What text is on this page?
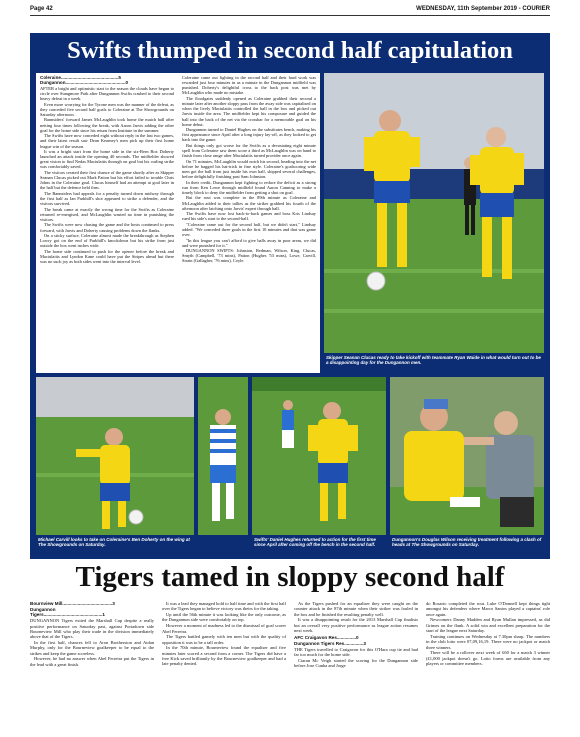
Page 42	WEDNESDAY, 11th September 2019 - COURIER
Swifts thumped in second half capitulation

Coleraine.............................................5

Dungannon...............................................0

AFTER a bright and optimistic start to the season the clouds have begun to circle over Stangmore Park after Dungannon Swifts crashed to their second heavy defeat in a week.

Even more worrying for the Tyrone men was the manner of the defeat, as they conceded five second half goals to Coleraine at The Showgrounds on Saturday afternoon.

Bannsiders' forward James McLaughlin took home the match ball after netting four times following the break, with Aaron Jarvis adding the other goal for the home side since his return from Institute in the summer.

The Swifts have now conceded eight without reply in the last two games, and their latest result saw Dean Kearney's men pick up their first home league win of the season.

It was a bright start from the home side in the six-Bern Box Doherty launched an attack inside the opening 40 seconds. The midfielder showed great vision to find Nedas Maciulaitis through on goal but his curling strike was comfortably saved.

The visitors created their first chance of the game shortly after as Skipper Seanan Clucas picked out Mark Patton but his effort failed to trouble Chris Johns in the Coleraine goal. Clucas himself had an attempt at goal later in the half but the defence held firm.

The Bannsiders had appeals for a penalty turned down midway through the first half as Ian Parkhill's shot appeared to strike a defender, and the visitors survived.

The break came at exactly the wrong time for the Swifts as Coleraine returned re-energised, and McLaughlin wasted no time in punishing the visitors.

The Swifts were now chasing the game and the hosts continued to press forward, with Jarvis and Doherty causing problems down the flanks.

On a sticky surface, Coleraine almost made the breakthrough as Stephen Lowry got on the end of Parkhill's knockdown but his strike from just outside the box went inches wide.

The home side continued to push for the opener before the break and Maciulaitis and Lyndon Kane could have put the Stripes ahead but there was no such joy as both sides went into the interval level.

Coleraine came out fighting in the second half and their hard work was rewarded just four minutes in as a minute in the Dungannon midfield was punished. Doherty's delightful cross to the back post was met by McLaughlin who made no mistake.

The floodgates suddenly opened as Coleraine grabbed their second a minute later after another sloppy pass from the away side was capitalised on when the lively Maciulaitis controlled the ball in the box and picked out Jarvis inside the area. The midfielder kept his composure and guided the ball into the back of the net via the crossbar for a memorable goal on his home debut.

Dungannon turned to Daniel Hughes on the substitutes bench, making his first appearance since April after a long injury lay-off, as they looked to get back into the game.

But things only got worse for the Swifts as a devastating eight minute spell from Coleraine saw them score a third as McLaughlin was on hand to finish from close range after Maciulaitis turned provider once again.

On 71 minutes, McLaughlin would notch his second, heading into the net before he bagged his hat-trick in fine style. Coleraine's goalscoring wide men got the ball from just inside his own half, skipped several challenges, before delightfully finishing past Sam Johnston.

In their credit, Dungannon kept fighting to reduce the deficit as a strong run from Ken Lowe through midfield found Aaron Canning to make a timely block to deny the midfielder from getting a shot on goal.

But the rout was complete in the 89th minute as Coleraine and McLaughlin added to their tallies as the striker grabbed his fourth of the afternoon after latching onto Jarvis' expert through ball.

The Swifts have now lost back-to-back games and boss Kris Lindsay rued his side's start to the second-half.

"Coleraine came out for the second half, but we didn't start," Lindsay added. "We conceded three goals in the first 10 minutes and that was game over.

"In this league you can't afford to give balls away in poor areas, we did and were punished for it."

DUNGANNON SWIFTS: Johnston, Redman, Wilson, King, Clucas, Smyth (Campbell, '73 mins), Patton (Hughes '53 mins), Lowe, Carvill, Strain (Gallagher, '76 mins), Coyle.

Skipper Seanan Clucas ready to take kickoff with teammate Ryan Waide in what would turn out to be a disappointing day for the Dungannon men.
Michael Carvill looks to take on Coleraine's Ben Doherty on the wing at The Showgrounds on Saturday.
Swifts' Daniel Hughes returned to action for the first time since April after coming off the bench in the second half.
Dungannon's Douglas Wilson receiving treatment following a clash of heads at The Showgrounds on Saturday.
Tigers tamed in sloppy second half

Bournview Mill.......................................3

Dungannon

Tigers..............................................1

DUNGANNON Tigers exited the Marshall Cup despite a really positive performance on Saturday past, against Portadown side Bourneview Mill who play their trade in the division immediately above that of the Tigers.

In the first half, chances fell to Aron Brotherston and Aidan Murphy, only for the Bourneview goalkeeper to be equal to the strikes and keep the game scoreless.

However, he had no answer when Abel Ferreira put the Tigers in the lead with a great finish.

It was a lead they managed hold to half time and with the first half over the Tigers began to believe victory was theirs for the taking.

Up until the 56th minute it was looking like the only outcome, as the Dungannon side were comfortably on top.

However a moment of madness led to the dismissal of goal scorer Abel Ferreira.

The Tigers battled gamely with ten men but with the quality of opposition it was to be a tall order.

In the 70th minute, Bourneview found the equaliser and five minutes later scored a second from a corner. The Tigers did have a free Kick saved brilliantly by the Bourneview goalkeeper and had a late penalty denied.

As the Tigers pushed for an equaliser they were caught on the counter attack in the 87th minute when their striker was fouled in the box and he finished the resulting penalty well.

It was a disappointing result for the 2013 Marshall Cup finalists but an overall very positive performance as league action resumes next week.

AFC Craigavon Res...............0

Dungannon Tigers Res...............3

THE Tigers travelled to Craigavon for this O'Hara cup tie and had far too much for the home side.

Ciaran Mc Veigh started the scoring for the Dungannon side before Jose Cunha and Jorge

do Rosario completed the rout. Luke O'Donnell kept things tight amongst his defenders where Marco Santos played a captains' role once again.

Newcomers Danny Madden and Ryan Mullan impressed, as did Grimes on the flank. A solid win and excellent preparation for the start of the league next Saturday.

Training continues on Wednesday at 7.30pm sharp. The numbers in the club lotto were 07,09,16,19. There were no jackpot or match three winners.

There will be a rollover next week of £60 for a match 3 winner (£1,000 jackpot doesn't go. Lotto forms are available from any players or committee members.
